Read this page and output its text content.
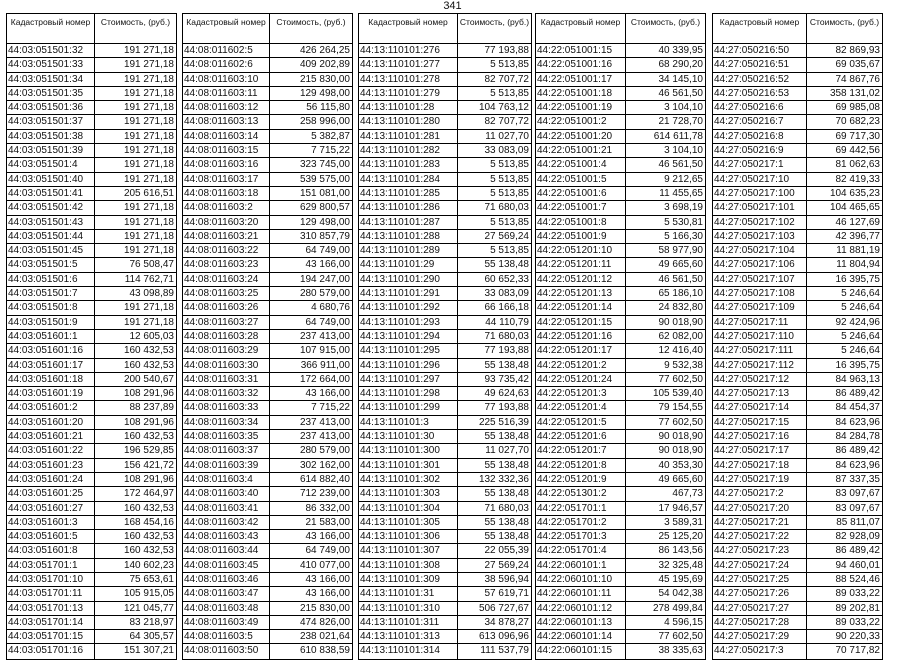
341
Кадастровый номер	Стоимость, (руб.)
44:03:051501:32	191 271,18
44:03:051501:33	191 271,18
44:03:051501:34	191 271,18
44:03:051501:35	191 271,18
44:03:051501:36	191 271,18
44:03:051501:37	191 271,18
44:03:051501:38	191 271,18
44:03:051501:39	191 271,18
44:03:051501:4	191 271,18
44:03:051501:40	191 271,18
44:03:051501:41	205 616,51
44:03:051501:42	191 271,18
44:03:051501:43	191 271,18
44:03:051501:44	191 271,18
44:03:051501:45	191 271,18
44:03:051501:5	76 508,47
44:03:051501:6	114 762,71
44:03:051501:7	43 098,89
44:03:051501:8	191 271,18
44:03:051501:9	191 271,18
44:03:051601:1	12 605,03
44:03:051601:16	160 432,53
44:03:051601:17	160 432,53
44:03:051601:18	200 540,67
44:03:051601:19	108 291,96
44:03:051601:2	88 237,89
44:03:051601:20	108 291,96
44:03:051601:21	160 432,53
44:03:051601:22	196 529,85
44:03:051601:23	156 421,72
44:03:051601:24	108 291,96
44:03:051601:25	172 464,97
44:03:051601:27	160 432,53
44:03:051601:3	168 454,16
44:03:051601:5	160 432,53
44:03:051601:8	160 432,53
44:03:051701:1	140 602,23
44:03:051701:10	75 653,61
44:03:051701:11	105 915,05
44:03:051701:13	121 045,77
44:03:051701:14	83 218,97
44:03:051701:15	64 305,57
44:03:051701:16	151 307,21
Кадастровый номер	Стоимость, (руб.)
44:08:011602:5	426 264,25
44:08:011602:6	409 202,89
44:08:011603:10	215 830,00
44:08:011603:11	129 498,00
44:08:011603:12	56 115,80
44:08:011603:13	258 996,00
44:08:011603:14	5 382,87
44:08:011603:15	7 715,22
44:08:011603:16	323 745,00
44:08:011603:17	539 575,00
44:08:011603:18	151 081,00
44:08:011603:2	629 800,57
44:08:011603:20	129 498,00
44:08:011603:21	310 857,79
44:08:011603:22	64 749,00
44:08:011603:23	43 166,00
44:08:011603:24	194 247,00
44:08:011603:25	280 579,00
44:08:011603:26	4 680,76
44:08:011603:27	64 749,00
44:08:011603:28	237 413,00
44:08:011603:29	107 915,00
44:08:011603:30	366 911,00
44:08:011603:31	172 664,00
44:08:011603:32	43 166,00
44:08:011603:33	7 715,22
44:08:011603:34	237 413,00
44:08:011603:35	237 413,00
44:08:011603:37	280 579,00
44:08:011603:39	302 162,00
44:08:011603:4	614 882,40
44:08:011603:40	712 239,00
44:08:011603:41	86 332,00
44:08:011603:42	21 583,00
44:08:011603:43	43 166,00
44:08:011603:44	64 749,00
44:08:011603:45	410 077,00
44:08:011603:46	43 166,00
44:08:011603:47	43 166,00
44:08:011603:48	215 830,00
44:08:011603:49	474 826,00
44:08:011603:5	238 021,64
44:08:011603:50	610 838,59
Кадастровый номер	Стоимость, (руб.)
44:13:110101:276	77 193,88
44:13:110101:277	5 513,85
44:13:110101:278	82 707,72
44:13:110101:279	5 513,85
44:13:110101:28	104 763,12
44:13:110101:280	82 707,72
44:13:110101:281	11 027,70
44:13:110101:282	33 083,09
44:13:110101:283	5 513,85
44:13:110101:284	5 513,85
44:13:110101:285	5 513,85
44:13:110101:286	71 680,03
44:13:110101:287	5 513,85
44:13:110101:288	27 569,24
44:13:110101:289	5 513,85
44:13:110101:29	55 138,48
44:13:110101:290	60 652,33
44:13:110101:291	33 083,09
44:13:110101:292	66 166,18
44:13:110101:293	44 110,79
44:13:110101:294	71 680,03
44:13:110101:295	77 193,88
44:13:110101:296	55 138,48
44:13:110101:297	93 735,42
44:13:110101:298	49 624,63
44:13:110101:299	77 193,88
44:13:110101:3	225 516,39
44:13:110101:30	55 138,48
44:13:110101:300	11 027,70
44:13:110101:301	55 138,48
44:13:110101:302	132 332,36
44:13:110101:303	55 138,48
44:13:110101:304	71 680,03
44:13:110101:305	55 138,48
44:13:110101:306	55 138,48
44:13:110101:307	22 055,39
44:13:110101:308	27 569,24
44:13:110101:309	38 596,94
44:13:110101:31	57 619,71
44:13:110101:310	506 727,67
44:13:110101:311	34 878,27
44:13:110101:313	613 096,96
44:13:110101:314	111 537,79
Кадастровый номер	Стоимость, (руб.)
44:22:051001:15	40 339,95
44:22:051001:16	68 290,20
44:22:051001:17	34 145,10
44:22:051001:18	46 561,50
44:22:051001:19	3 104,10
44:22:051001:2	21 728,70
44:22:051001:20	614 611,78
44:22:051001:21	3 104,10
44:22:051001:4	46 561,50
44:22:051001:5	9 212,65
44:22:051001:6	11 455,65
44:22:051001:7	3 698,19
44:22:051001:8	5 530,81
44:22:051001:9	5 166,30
44:22:051201:10	58 977,90
44:22:051201:11	49 665,60
44:22:051201:12	46 561,50
44:22:051201:13	65 186,10
44:22:051201:14	24 832,80
44:22:051201:15	90 018,90
44:22:051201:16	62 082,00
44:22:051201:17	12 416,40
44:22:051201:2	9 532,38
44:22:051201:24	77 602,50
44:22:051201:3	105 539,40
44:22:051201:4	79 154,55
44:22:051201:5	77 602,50
44:22:051201:6	90 018,90
44:22:051201:7	90 018,90
44:22:051201:8	40 353,30
44:22:051201:9	49 665,60
44:22:051301:2	467,73
44:22:051701:1	17 946,57
44:22:051701:2	3 589,31
44:22:051701:3	25 125,20
44:22:051701:4	86 143,56
44:22:060101:1	32 325,48
44:22:060101:10	45 195,69
44:22:060101:11	54 042,38
44:22:060101:12	278 499,84
44:22:060101:13	4 596,15
44:22:060101:14	77 602,50
44:22:060101:15	38 335,63
Кадастровый номер	Стоимость, (руб.)
44:27:050216:50	82 869,93
44:27:050216:51	69 035,67
44:27:050216:52	74 867,76
44:27:050216:53	358 131,02
44:27:050216:6	69 985,08
44:27:050216:7	70 682,23
44:27:050216:8	69 717,30
44:27:050216:9	69 442,56
44:27:050217:1	81 062,63
44:27:050217:10	82 419,33
44:27:050217:100	104 635,23
44:27:050217:101	104 465,65
44:27:050217:102	46 127,69
44:27:050217:103	42 396,77
44:27:050217:104	11 881,19
44:27:050217:106	11 804,94
44:27:050217:107	16 395,75
44:27:050217:108	5 246,64
44:27:050217:109	5 246,64
44:27:050217:11	92 424,96
44:27:050217:110	5 246,64
44:27:050217:111	5 246,64
44:27:050217:112	16 395,75
44:27:050217:12	84 963,13
44:27:050217:13	86 489,42
44:27:050217:14	84 454,37
44:27:050217:15	84 623,96
44:27:050217:16	84 284,78
44:27:050217:17	86 489,42
44:27:050217:18	84 623,96
44:27:050217:19	87 337,35
44:27:050217:2	83 097,67
44:27:050217:20	83 097,67
44:27:050217:21	85 811,07
44:27:050217:22	82 928,09
44:27:050217:23	86 489,42
44:27:050217:24	94 460,01
44:27:050217:25	88 524,46
44:27:050217:26	89 033,22
44:27:050217:27	89 202,81
44:27:050217:28	89 033,22
44:27:050217:29	90 220,33
44:27:050217:3	70 717,82
